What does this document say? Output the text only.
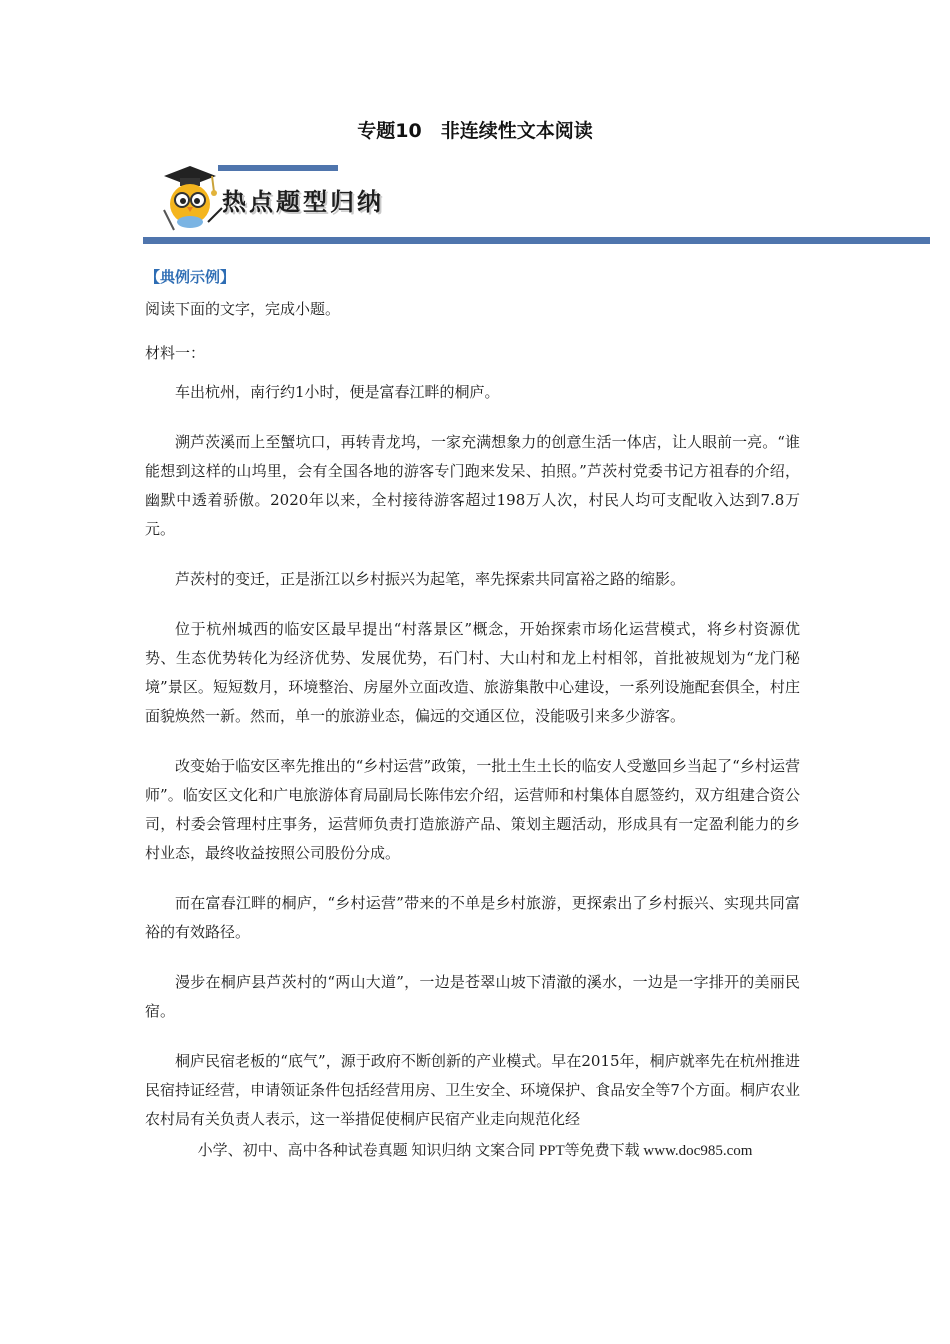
专题10　非连续性文本阅读
热点题型归纳
【典例示例】
阅读下面的文字，完成小题。
材料一：

车出杭州，南行约1小时，便是富春江畔的桐庐。

溯芦茨溪而上至蟹坑口，再转青龙坞，一家充满想象力的创意生活一体店，让人眼前一亮。“谁能想到这样的山坞里，会有全国各地的游客专门跑来发呆、拍照。”芦茨村党委书记方祖春的介绍，幽默中透着骄傲。2020年以来，全村接待游客超过198万人次，村民人均可支配收入达到7.8万元。

芦茨村的变迁，正是浙江以乡村振兴为起笔，率先探索共同富裕之路的缩影。

位于杭州城西的临安区最早提出“村落景区”概念，开始探索市场化运营模式，将乡村资源优势、生态优势转化为经济优势、发展优势，石门村、大山村和龙上村相邻，首批被规划为“龙门秘境”景区。短短数月，环境整治、房屋外立面改造、旅游集散中心建设，一系列设施配套俱全，村庄面貌焕然一新。然而，单一的旅游业态，偏远的交通区位，没能吸引来多少游客。

改变始于临安区率先推出的“乡村运营”政策，一批土生土长的临安人受邀回乡当起了“乡村运营师”。临安区文化和广电旅游体育局副局长陈伟宏介绍，运营师和村集体自愿签约，双方组建合资公司，村委会管理村庄事务，运营师负责打造旅游产品、策划主题活动，形成具有一定盈利能力的乡村业态，最终收益按照公司股份分成。

而在富春江畔的桐庐，“乡村运营”带来的不单是乡村旅游，更探索出了乡村振兴、实现共同富裕的有效路径。

漫步在桐庐县芦茨村的“两山大道”，一边是苍翠山坡下清澈的溪水，一边是一字排开的美丽民宿。

桐庐民宿老板的“底气”，源于政府不断创新的产业模式。早在2015年，桐庐就率先在杭州推进民宿持证经营，申请领证条件包括经营用房、卫生安全、环境保护、食品安全等7个方面。桐庐农业农村局有关负责人表示，这一举措促使桐庐民宿产业走向规范化经

小学、初中、高中各种试卷真题 知识归纳 文案合同 PPT等免费下载 www.doc985.com
